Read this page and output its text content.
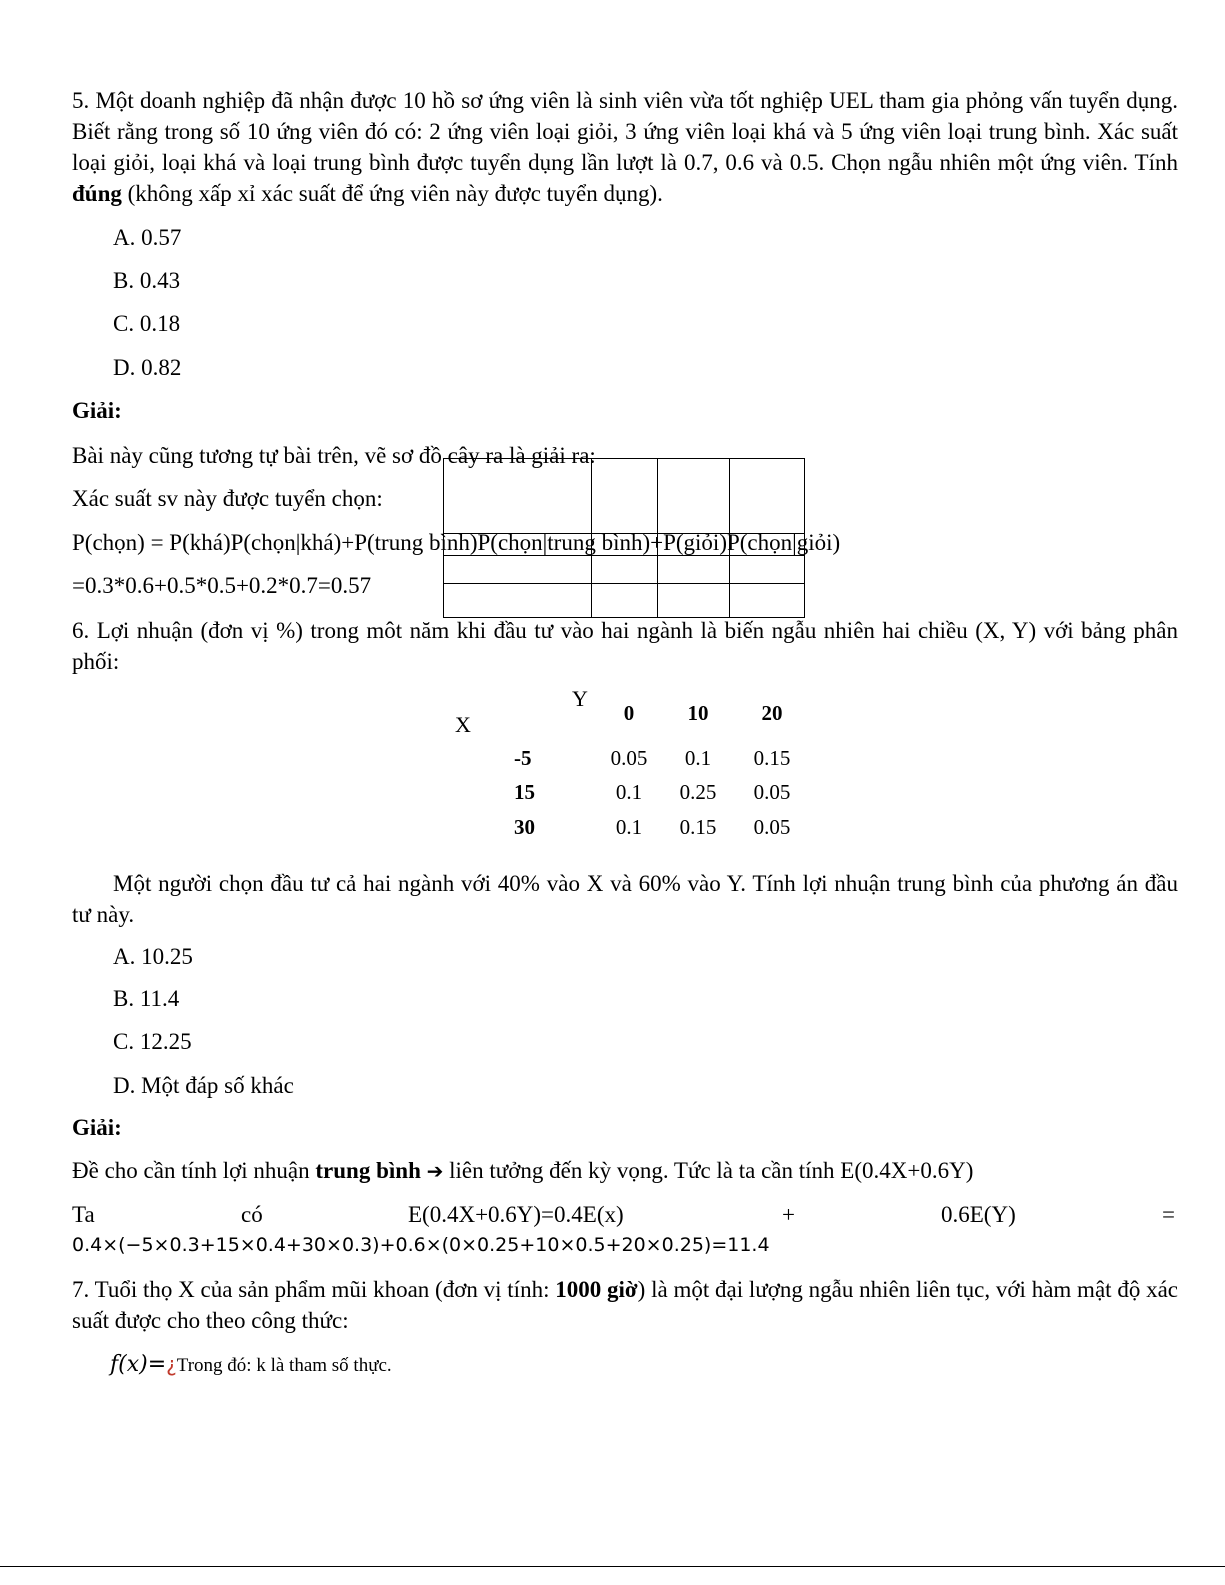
5. Một doanh nghiệp đã nhận được 10 hồ sơ ứng viên là sinh viên vừa tốt nghiệp UEL tham gia phỏng vấn tuyển dụng. Biết rằng trong số 10 ứng viên đó có: 2 ứng viên loại giỏi, 3 ứng viên loại khá và 5 ứng viên loại trung bình. Xác suất loại giỏi, loại khá và loại trung bình được tuyển dụng lần lượt là 0.7, 0.6 và 0.5. Chọn ngẫu nhiên một ứng viên. Tính đúng (không xấp xỉ xác suất để ứng viên này được tuyển dụng).
A. 0.57
B. 0.43
C. 0.18
D. 0.82
Giải:
Bài này cũng tương tự bài trên, vẽ sơ đồ cây ra là giải ra:
Xác suất sv này được tuyển chọn:
P(chọn) = P(khá)P(chọn|khá)+P(trung bình)P(chọn|trung bình)+P(giỏi)P(chọn|giỏi)
=0.3*0.6+0.5*0.5+0.2*0.7=0.57
6. Lợi nhuận (đơn vị %) trong môt năm khi đầu tư vào hai ngành là biến ngẫu nhiên hai chiều (X, Y) với bảng phân phối:
Y
X	0	10	20
-5	0.05	0.1	0.15
15	0.1	0.25	0.05
30	0.1	0.15	0.05
Một người chọn đầu tư cả hai ngành với 40% vào X và 60% vào Y. Tính lợi nhuận trung bình của phương án đầu tư này.
A. 10.25
B. 11.4
C. 12.25
D. Một đáp số khác
Giải:
Đề cho cần tính lợi nhuận trung bình ➔ liên tưởng đến kỳ vọng. Tức là ta cần tính E(0.4X+0.6Y)
Ta	có	E(0.4X+0.6Y)=0.4E(x)	+	0.6E(Y)	=
0.4×(−5×0.3+15×0.4+30×0.3)+0.6×(0×0.25+10×0.5+20×0.25)=11.4
7. Tuổi thọ X của sản phẩm mũi khoan (đơn vị tính: 1000 giờ) là một đại lượng ngẫu nhiên liên tục, với hàm mật độ xác suất được cho theo công thức:
f(x)=¿Trong đó: k là tham số thực.
